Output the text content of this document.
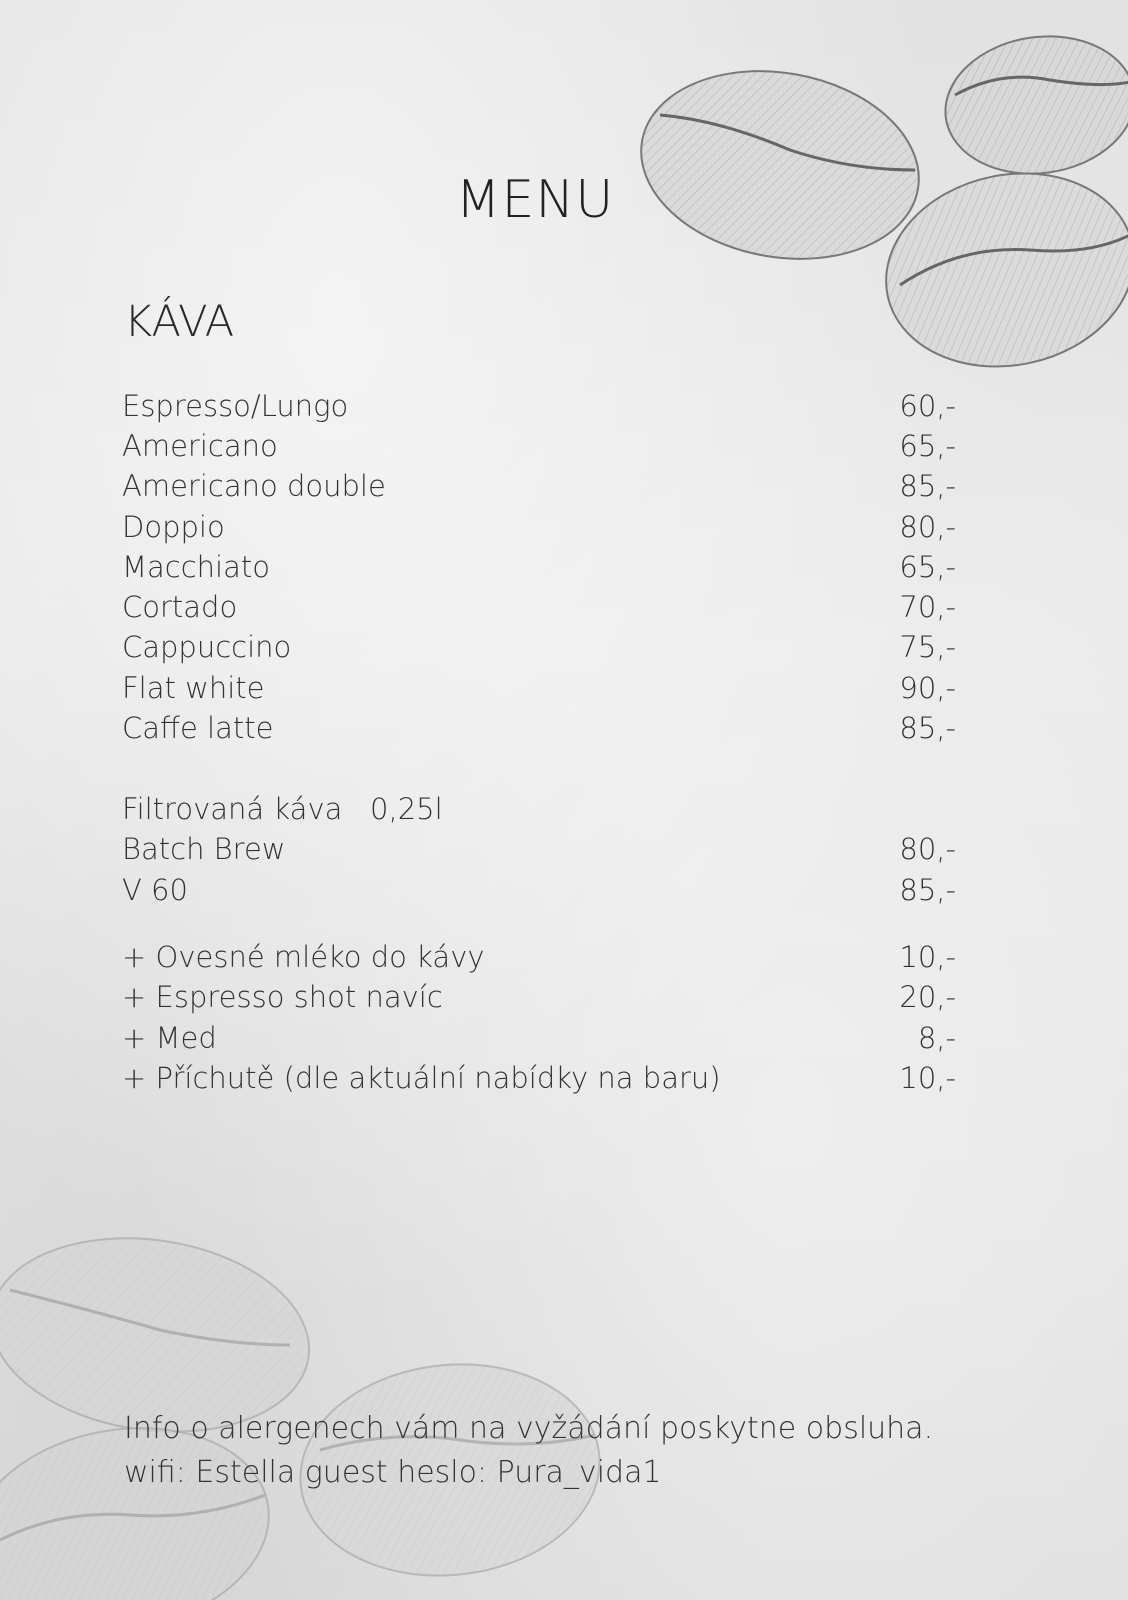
MENU
KÁVA
Espresso/Lungo	60,-
Americano	65,-
Americano double	85,-
Doppio	80,-
Macchiato	65,-
Cortado	70,-
Cappuccino	75,-
Flat white	90,-
Caffe latte	85,-
Filtrovaná káva   0,25l
Batch Brew	80,-
V 60	85,-
+ Ovesné mléko do kávy	10,-
+ Espresso shot navíc	20,-
+ Med	8,-
+ Příchutě (dle aktuální nabídky na baru)	10,-
Info o alergenech vám na vyžádání poskytne obsluha.
wifi: Estella guest heslo: Pura_vida1
